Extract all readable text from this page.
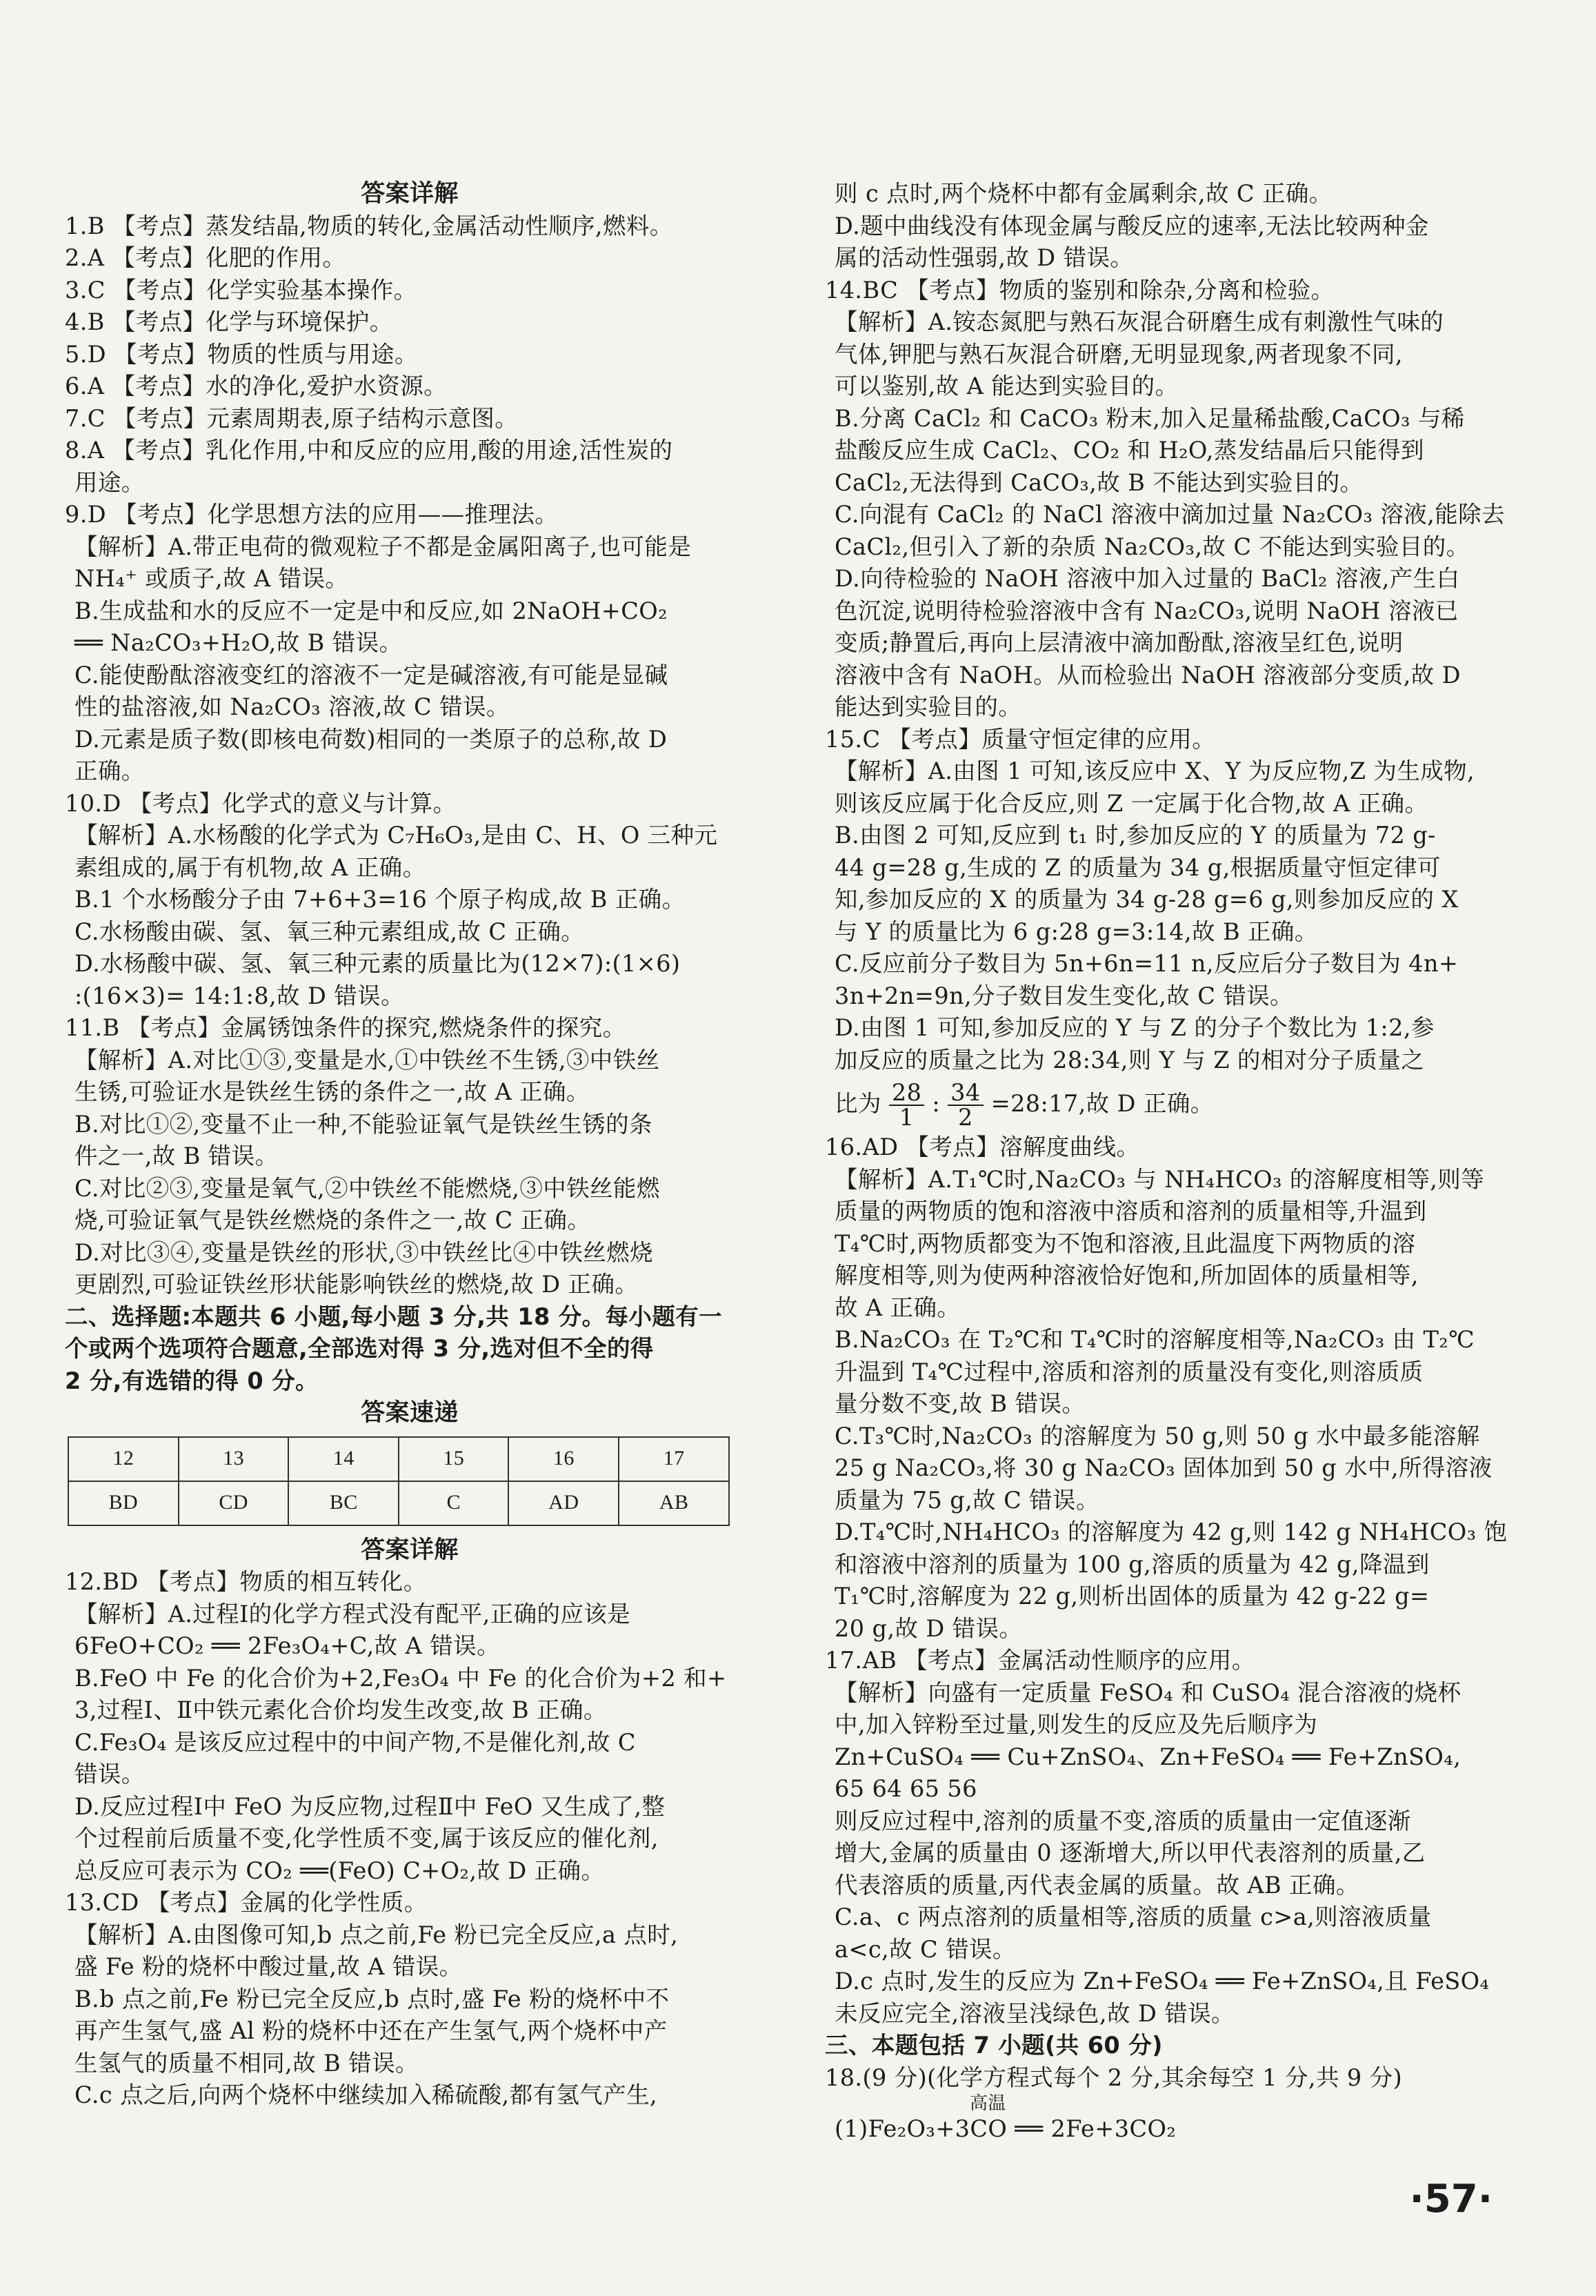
答案详解

1.B 【考点】蒸发结晶,物质的转化,金属活动性顺序,燃料。

2.A 【考点】化肥的作用。

3.C 【考点】化学实验基本操作。

4.B 【考点】化学与环境保护。

5.D 【考点】物质的性质与用途。

6.A 【考点】水的净化,爱护水资源。

7.C 【考点】元素周期表,原子结构示意图。

8.A 【考点】乳化作用,中和反应的应用,酸的用途,活性炭的

用途。

9.D 【考点】化学思想方法的应用——推理法。

【解析】A.带正电荷的微观粒子不都是金属阳离子,也可能是

NH₄⁺ 或质子,故 A 错误。

B.生成盐和水的反应不一定是中和反应,如 2NaOH+CO₂

══ Na₂CO₃+H₂O,故 B 错误。

C.能使酚酞溶液变红的溶液不一定是碱溶液,有可能是显碱

性的盐溶液,如 Na₂CO₃ 溶液,故 C 错误。

D.元素是质子数(即核电荷数)相同的一类原子的总称,故 D

正确。

10.D 【考点】化学式的意义与计算。

【解析】A.水杨酸的化学式为 C₇H₆O₃,是由 C、H、O 三种元

素组成的,属于有机物,故 A 正确。

B.1 个水杨酸分子由 7+6+3=16 个原子构成,故 B 正确。

C.水杨酸由碳、氢、氧三种元素组成,故 C 正确。

D.水杨酸中碳、氢、氧三种元素的质量比为(12×7):(1×6)

:(16×3)= 14:1:8,故 D 错误。

11.B 【考点】金属锈蚀条件的探究,燃烧条件的探究。

【解析】A.对比①③,变量是水,①中铁丝不生锈,③中铁丝

生锈,可验证水是铁丝生锈的条件之一,故 A 正确。

B.对比①②,变量不止一种,不能验证氧气是铁丝生锈的条

件之一,故 B 错误。

C.对比②③,变量是氧气,②中铁丝不能燃烧,③中铁丝能燃

烧,可验证氧气是铁丝燃烧的条件之一,故 C 正确。

D.对比③④,变量是铁丝的形状,③中铁丝比④中铁丝燃烧

更剧烈,可验证铁丝形状能影响铁丝的燃烧,故 D 正确。

二、选择题:本题共 6 小题,每小题 3 分,共 18 分。每小题有一

个或两个选项符合题意,全部选对得 3 分,选对但不全的得

2 分,有选错的得 0 分。

答案速递

12	13	14	15	16	17
BD	CD	BC	C	AD	AB

答案详解

12.BD 【考点】物质的相互转化。

【解析】A.过程Ⅰ的化学方程式没有配平,正确的应该是

6FeO+CO₂ ══ 2Fe₃O₄+C,故 A 错误。

B.FeO 中 Fe 的化合价为+2,Fe₃O₄ 中 Fe 的化合价为+2 和+

3,过程Ⅰ、Ⅱ中铁元素化合价均发生改变,故 B 正确。

C.Fe₃O₄ 是该反应过程中的中间产物,不是催化剂,故 C

错误。

D.反应过程Ⅰ中 FeO 为反应物,过程Ⅱ中 FeO 又生成了,整

个过程前后质量不变,化学性质不变,属于该反应的催化剂,

总反应可表示为 CO₂ ══(FeO) C+O₂,故 D 正确。

13.CD 【考点】金属的化学性质。

【解析】A.由图像可知,b 点之前,Fe 粉已完全反应,a 点时,

盛 Fe 粉的烧杯中酸过量,故 A 错误。

B.b 点之前,Fe 粉已完全反应,b 点时,盛 Fe 粉的烧杯中不

再产生氢气,盛 Al 粉的烧杯中还在产生氢气,两个烧杯中产

生氢气的质量不相同,故 B 错误。

C.c 点之后,向两个烧杯中继续加入稀硫酸,都有氢气产生,

则 c 点时,两个烧杯中都有金属剩余,故 C 正确。

D.题中曲线没有体现金属与酸反应的速率,无法比较两种金

属的活动性强弱,故 D 错误。

14.BC 【考点】物质的鉴别和除杂,分离和检验。

【解析】A.铵态氮肥与熟石灰混合研磨生成有刺激性气味的

气体,钾肥与熟石灰混合研磨,无明显现象,两者现象不同,

可以鉴别,故 A 能达到实验目的。

B.分离 CaCl₂ 和 CaCO₃ 粉末,加入足量稀盐酸,CaCO₃ 与稀

盐酸反应生成 CaCl₂、CO₂ 和 H₂O,蒸发结晶后只能得到

CaCl₂,无法得到 CaCO₃,故 B 不能达到实验目的。

C.向混有 CaCl₂ 的 NaCl 溶液中滴加过量 Na₂CO₃ 溶液,能除去

CaCl₂,但引入了新的杂质 Na₂CO₃,故 C 不能达到实验目的。

D.向待检验的 NaOH 溶液中加入过量的 BaCl₂ 溶液,产生白

色沉淀,说明待检验溶液中含有 Na₂CO₃,说明 NaOH 溶液已

变质;静置后,再向上层清液中滴加酚酞,溶液呈红色,说明

溶液中含有 NaOH。从而检验出 NaOH 溶液部分变质,故 D

能达到实验目的。

15.C 【考点】质量守恒定律的应用。

【解析】A.由图 1 可知,该反应中 X、Y 为反应物,Z 为生成物,

则该反应属于化合反应,则 Z 一定属于化合物,故 A 正确。

B.由图 2 可知,反应到 t₁ 时,参加反应的 Y 的质量为 72 g-

44 g=28 g,生成的 Z 的质量为 34 g,根据质量守恒定律可

知,参加反应的 X 的质量为 34 g-28 g=6 g,则参加反应的 X

与 Y 的质量比为 6 g:28 g=3:14,故 B 正确。

C.反应前分子数目为 5n+6n=11 n,反应后分子数目为 4n+

3n+2n=9n,分子数目发生变化,故 C 错误。

D.由图 1 可知,参加反应的 Y 与 Z 的分子个数比为 1:2,参

加反应的质量之比为 28:34,则 Y 与 Z 的相对分子质量之

比为 $\frac{28}{1}$ : $\frac{34}{2}$ =28:17,故 D 正确。

16.AD 【考点】溶解度曲线。

【解析】A.T₁℃时,Na₂CO₃ 与 NH₄HCO₃ 的溶解度相等,则等

质量的两物质的饱和溶液中溶质和溶剂的质量相等,升温到

T₄℃时,两物质都变为不饱和溶液,且此温度下两物质的溶

解度相等,则为使两种溶液恰好饱和,所加固体的质量相等,

故 A 正确。

B.Na₂CO₃ 在 T₂℃和 T₄℃时的溶解度相等,Na₂CO₃ 由 T₂℃

升温到 T₄℃过程中,溶质和溶剂的质量没有变化,则溶质质

量分数不变,故 B 错误。

C.T₃℃时,Na₂CO₃ 的溶解度为 50 g,则 50 g 水中最多能溶解

25 g Na₂CO₃,将 30 g Na₂CO₃ 固体加到 50 g 水中,所得溶液

质量为 75 g,故 C 错误。

D.T₄℃时,NH₄HCO₃ 的溶解度为 42 g,则 142 g NH₄HCO₃ 饱

和溶液中溶剂的质量为 100 g,溶质的质量为 42 g,降温到

T₁℃时,溶解度为 22 g,则析出固体的质量为 42 g-22 g=

20 g,故 D 错误。

17.AB 【考点】金属活动性顺序的应用。

【解析】向盛有一定质量 FeSO₄ 和 CuSO₄ 混合溶液的烧杯

中,加入锌粉至过量,则发生的反应及先后顺序为

Zn+CuSO₄ ══ Cu+ZnSO₄、Zn+FeSO₄ ══ Fe+ZnSO₄,

65 64 65 56

则反应过程中,溶剂的质量不变,溶质的质量由一定值逐渐

增大,金属的质量由 0 逐渐增大,所以甲代表溶剂的质量,乙

代表溶质的质量,丙代表金属的质量。故 AB 正确。

C.a、c 两点溶剂的质量相等,溶质的质量 c>a,则溶液质量

a<c,故 C 错误。

D.c 点时,发生的反应为 Zn+FeSO₄ ══ Fe+ZnSO₄,且 FeSO₄

未反应完全,溶液呈浅绿色,故 D 错误。

三、本题包括 7 小题(共 60 分)

18.(9 分)(化学方程式每个 2 分,其余每空 1 分,共 9 分)

高温

(1)Fe₂O₃+3CO ══ 2Fe+3CO₂

·57·
